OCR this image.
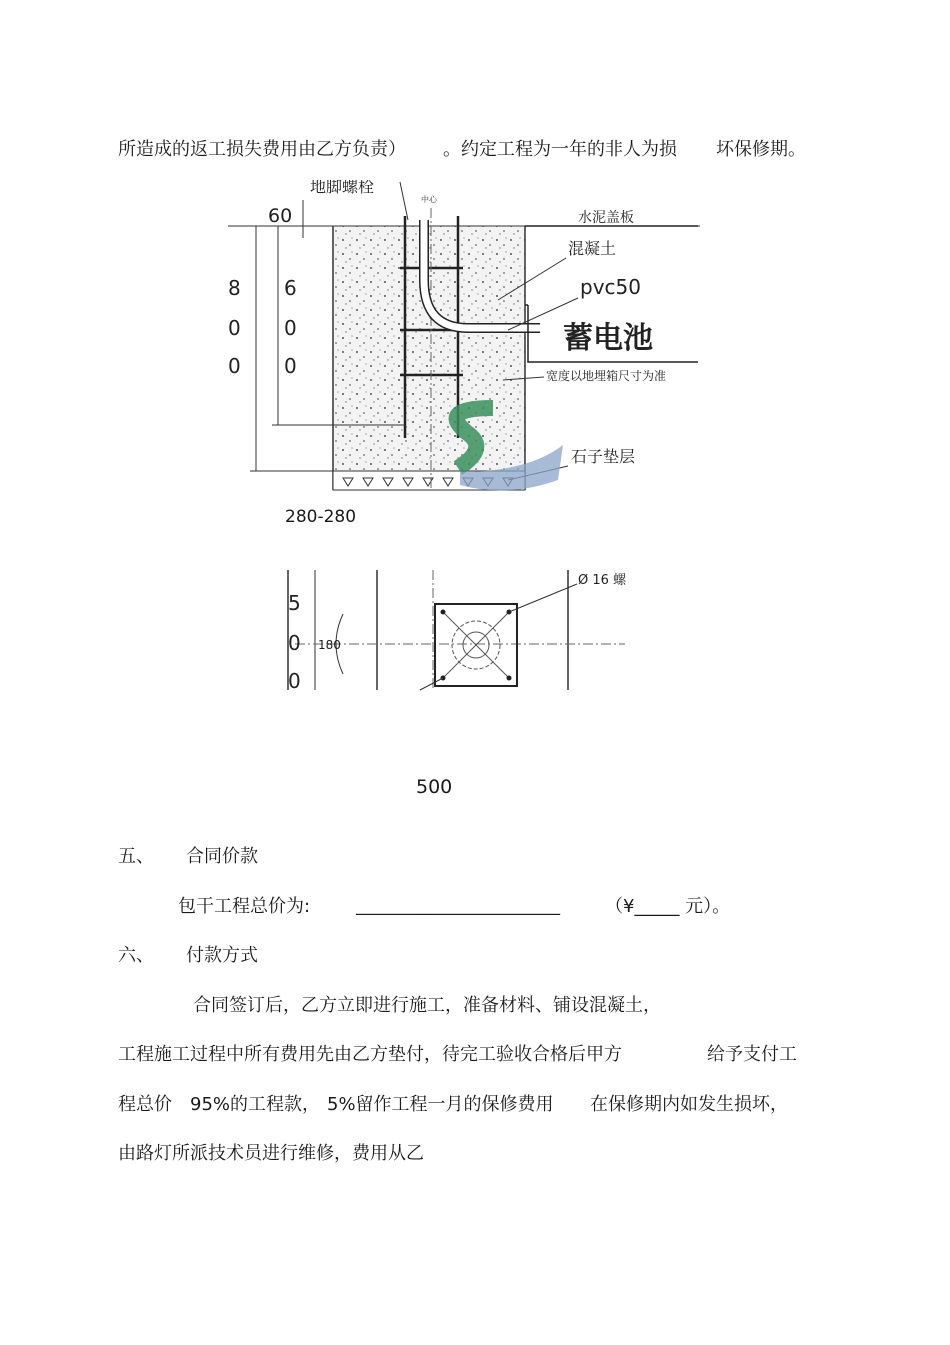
所造成的返工损失费用由乙方负责） 。约定工程为一年的非人为损 坏保修期。
中心
地脚螺栓
60	水泥盖板
混凝土
pvc50
蓄电池
宽度以地埋箱尺寸为准
石子垫层
8
0
0
6
0
0
280-280
Ø 16 螺
180
5
0
0
500
五、 合同价款
包干工程总价为:	________________________	（¥_____ 元）。
六、 付款方式
合同签订后，乙方立即进行施工，准备材料、铺设混凝土，
工程施工过程中所有费用先由乙方垫付，待完工验收合格后甲方	给予支付工
程总价 95%的工程款， 5%留作工程一月的保修费用 在保修期内如发生损坏，
由路灯所派技术员进行维修，费用从乙
